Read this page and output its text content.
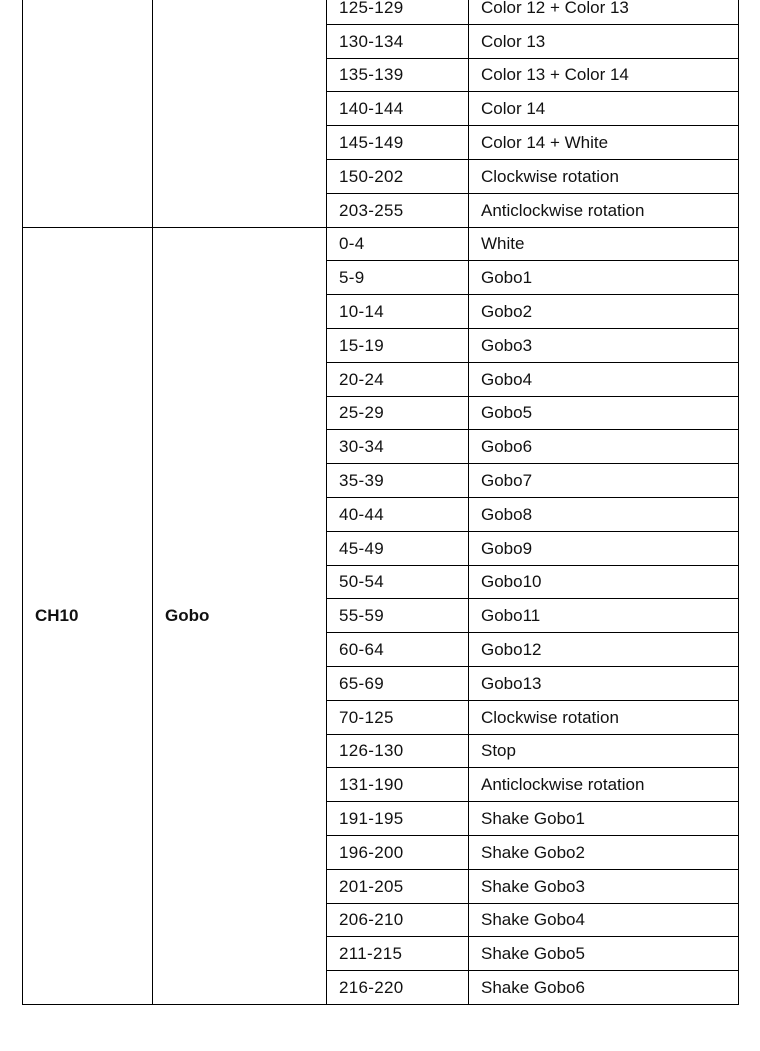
		125-129	Color 12 + Color 13
		130-134	Color 13
		135-139	Color 13 + Color 14
		140-144	Color 14
		145-149	Color 14 + White
		150-202	Clockwise rotation
		203-255	Anticlockwise rotation
CH10	Gobo	0-4	White
		5-9	Gobo1
		10-14	Gobo2
		15-19	Gobo3
		20-24	Gobo4
		25-29	Gobo5
		30-34	Gobo6
		35-39	Gobo7
		40-44	Gobo8
		45-49	Gobo9
		50-54	Gobo10
		55-59	Gobo11
		60-64	Gobo12
		65-69	Gobo13
		70-125	Clockwise rotation
		126-130	Stop
		131-190	Anticlockwise rotation
		191-195	Shake Gobo1
		196-200	Shake Gobo2
		201-205	Shake Gobo3
		206-210	Shake Gobo4
		211-215	Shake Gobo5
		216-220	Shake Gobo6
